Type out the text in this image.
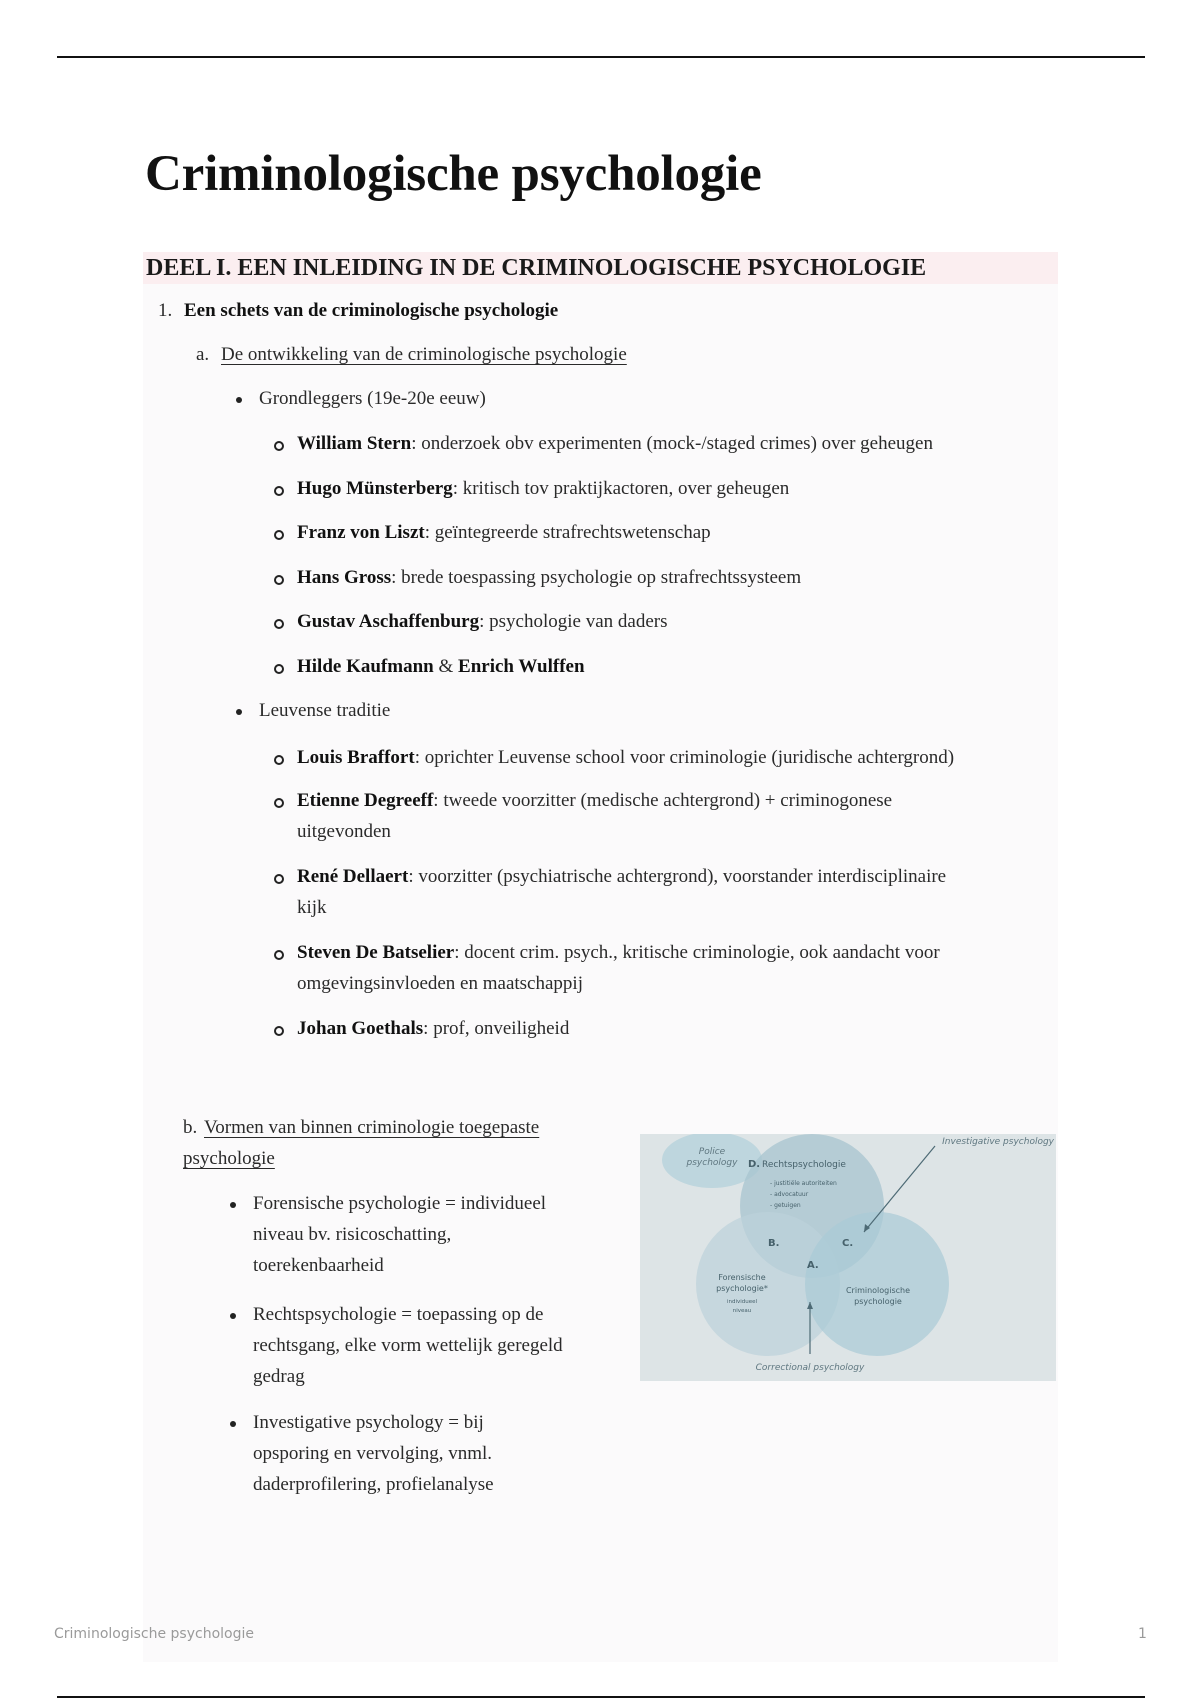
Criminologische psychologie
DEEL I. EEN INLEIDING IN DE CRIMINOLOGISCHE PSYCHOLOGIE
1. Een schets van de criminologische psychologie
a. De ontwikkeling van de criminologische psychologie
Grondleggers (19e-20e eeuw)
William Stern: onderzoek obv experimenten (mock-/staged crimes) over geheugen
Hugo Münsterberg: kritisch tov praktijkactoren, over geheugen
Franz von Liszt: geïntegreerde strafrechtswetenschap
Hans Gross: brede toespassing psychologie op strafrechtssysteem
Gustav Aschaffenburg: psychologie van daders
Hilde Kaufmann & Enrich Wulffen
Leuvense traditie
Louis Braffort: oprichter Leuvense school voor criminologie (juridische achtergrond)
Etienne Degreeff: tweede voorzitter (medische achtergrond) + criminogonese
uitgevonden
René Dellaert: voorzitter (psychiatrische achtergrond), voorstander interdisciplinaire
kijk
Steven De Batselier: docent crim. psych., kritische criminologie, ook aandacht voor
omgevingsinvloeden en maatschappij
Johan Goethals: prof, onveiligheid
b. Vormen van binnen criminologie toegepaste
psychologie
Forensische psychologie = individueel
niveau bv. risicoschatting,
toerekenbaarheid
Rechtspsychologie = toepassing op de
rechtsgang, elke vorm wettelijk geregeld
gedrag
Investigative psychology = bij
opsporing en vervolging, vnml.
daderprofilering, profielanalyse
Police
psychology
Investigative psychology
Correctional psychology
D. Rechtspsychologie
- justitiële autoriteiten
- advocatuur
- getuigen
B.	C.
A.
Forensische
psychologie*
individueel
niveau
Criminologische
psychologie
Criminologische psychologie	1
